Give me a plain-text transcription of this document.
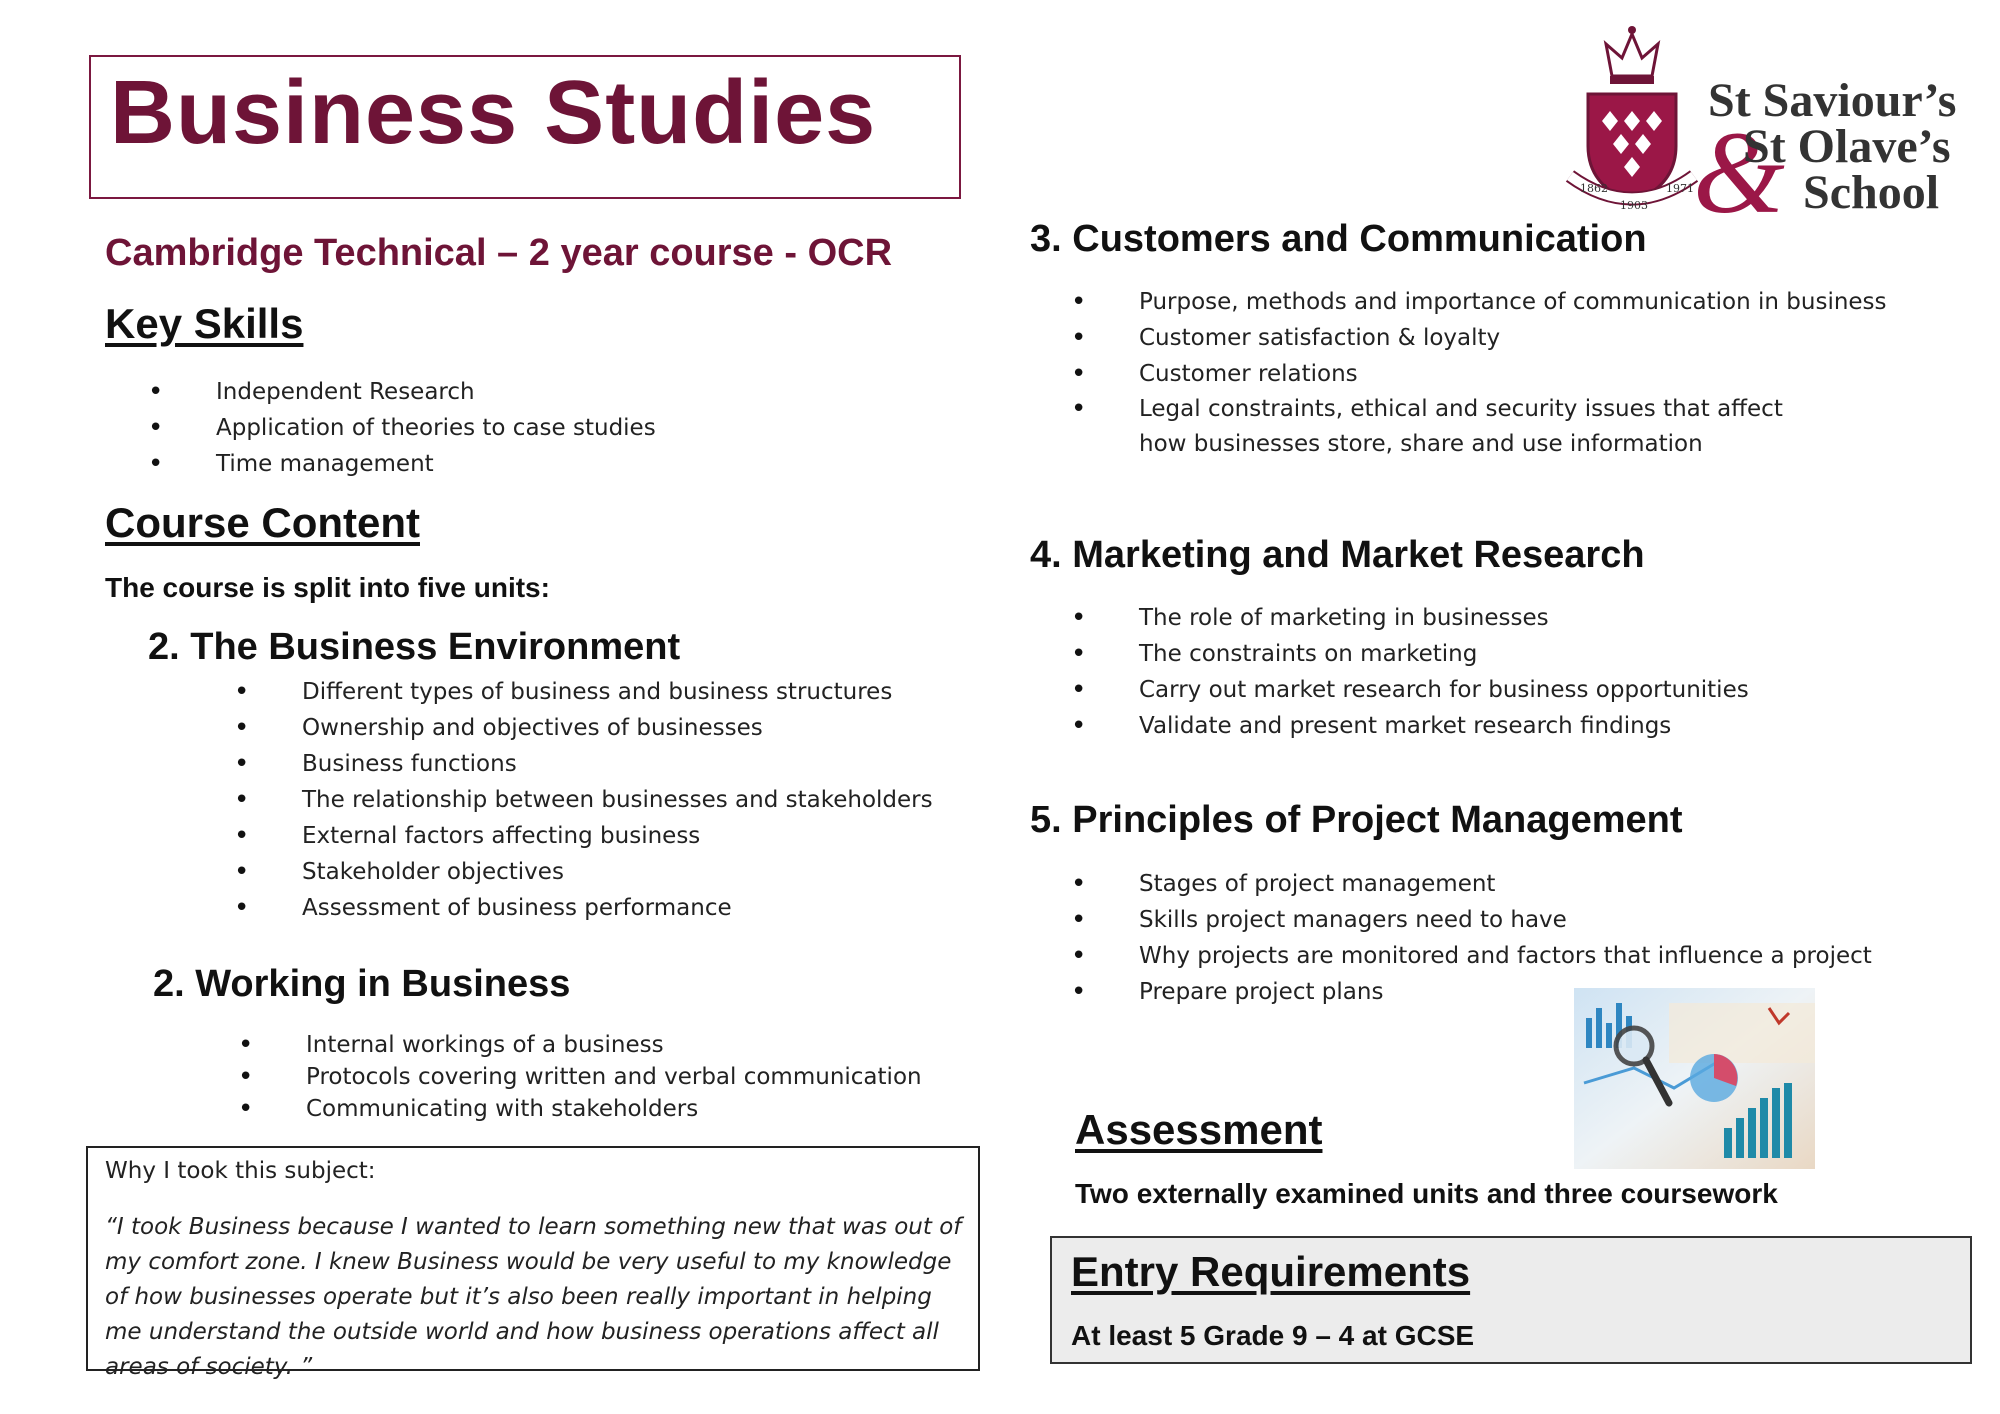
Business Studies
Cambridge Technical – 2 year course - OCR
1862
1903
1971 &
St Saviour’s
St Olave’s
School
Key Skills
• Independent Research
• Application of theories to case studies
• Time management
Course Content
The course is split into five units:
2. The Business Environment
• Different types of business and business structures
• Ownership and objectives of businesses
• Business functions
• The relationship between businesses and stakeholders
• External factors affecting business
• Stakeholder objectives
• Assessment of business performance
2. Working in Business
• Internal workings of a business
• Protocols covering written and verbal communication
• Communicating with stakeholders
Why I took this subject:
“I took Business because I wanted to learn something new that was out of my comfort zone. I knew Business would be very useful to my knowledge of how businesses operate but it’s also been really important in helping me understand the outside world and how business operations affect all areas of society. ”
3. Customers and Communication
• Purpose, methods and importance of communication in business
• Customer satisfaction & loyalty
• Customer relations
• Legal constraints, ethical and security issues that affect how businesses store, share and use information
4. Marketing and Market Research
• The role of marketing in businesses
• The constraints on marketing
• Carry out market research for business opportunities
• Validate and present market research findings
5. Principles of Project Management
• Stages of project management
• Skills project managers need to have
• Why projects are monitored and factors that influence a project
• Prepare project plans
Assessment
Two externally examined units and three coursework
Entry Requirements
At least 5 Grade 9 – 4 at GCSE
